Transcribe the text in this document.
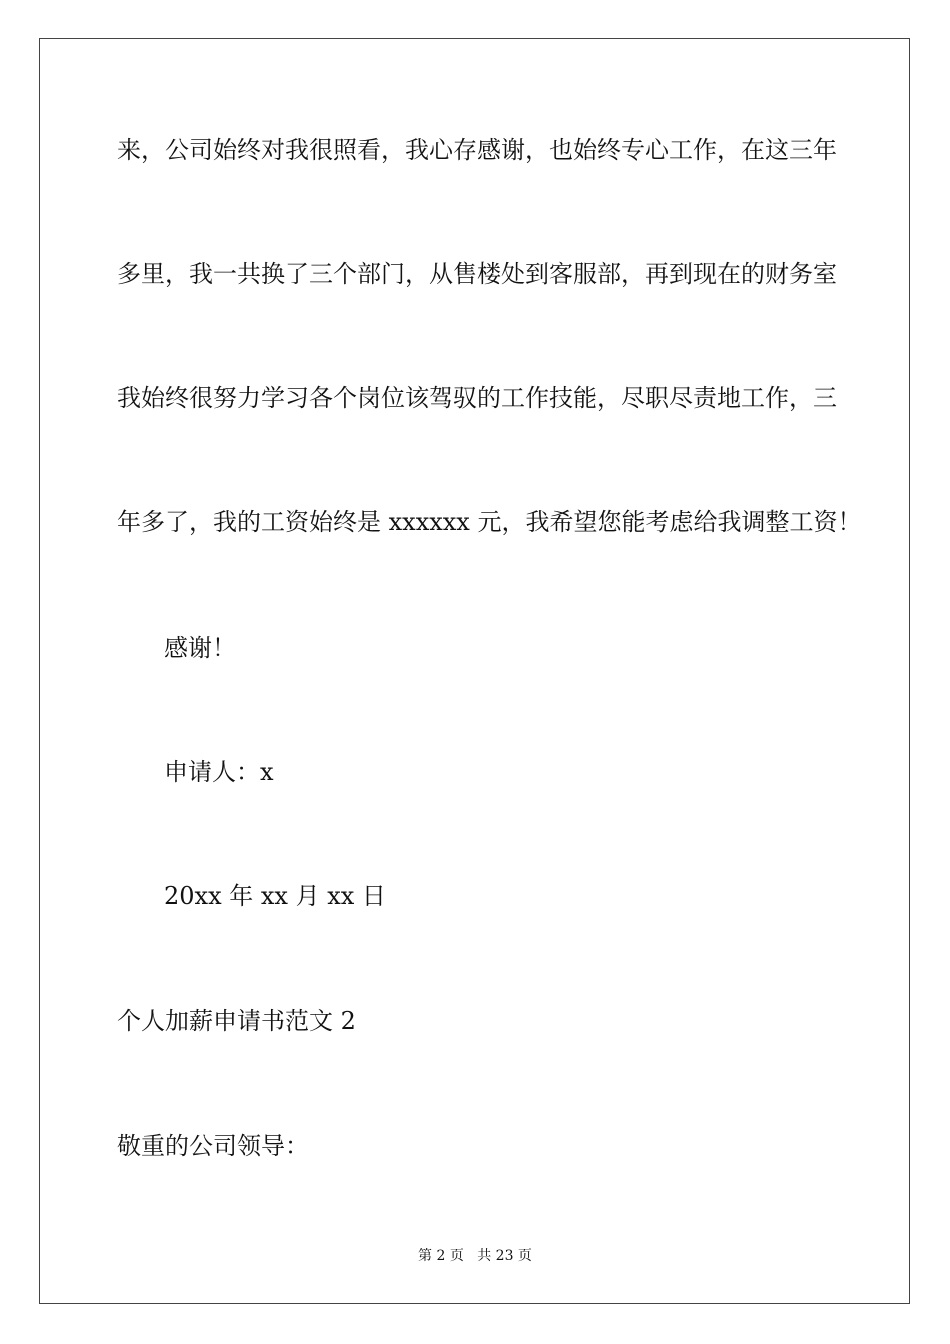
来，公司始终对我很照看，我心存感谢，也始终专心工作，在这三年
多里，我一共换了三个部门，从售楼处到客服部，再到现在的财务室
我始终很努力学习各个岗位该驾驭的工作技能，尽职尽责地工作，三
年多了，我的工资始终是 xxxxxx 元，我希望您能考虑给我调整工资！
感谢！
申请人：x
20xx 年 xx 月 xx 日
个人加薪申请书范文 2
敬重的公司领导：
第 2 页 共 23 页
